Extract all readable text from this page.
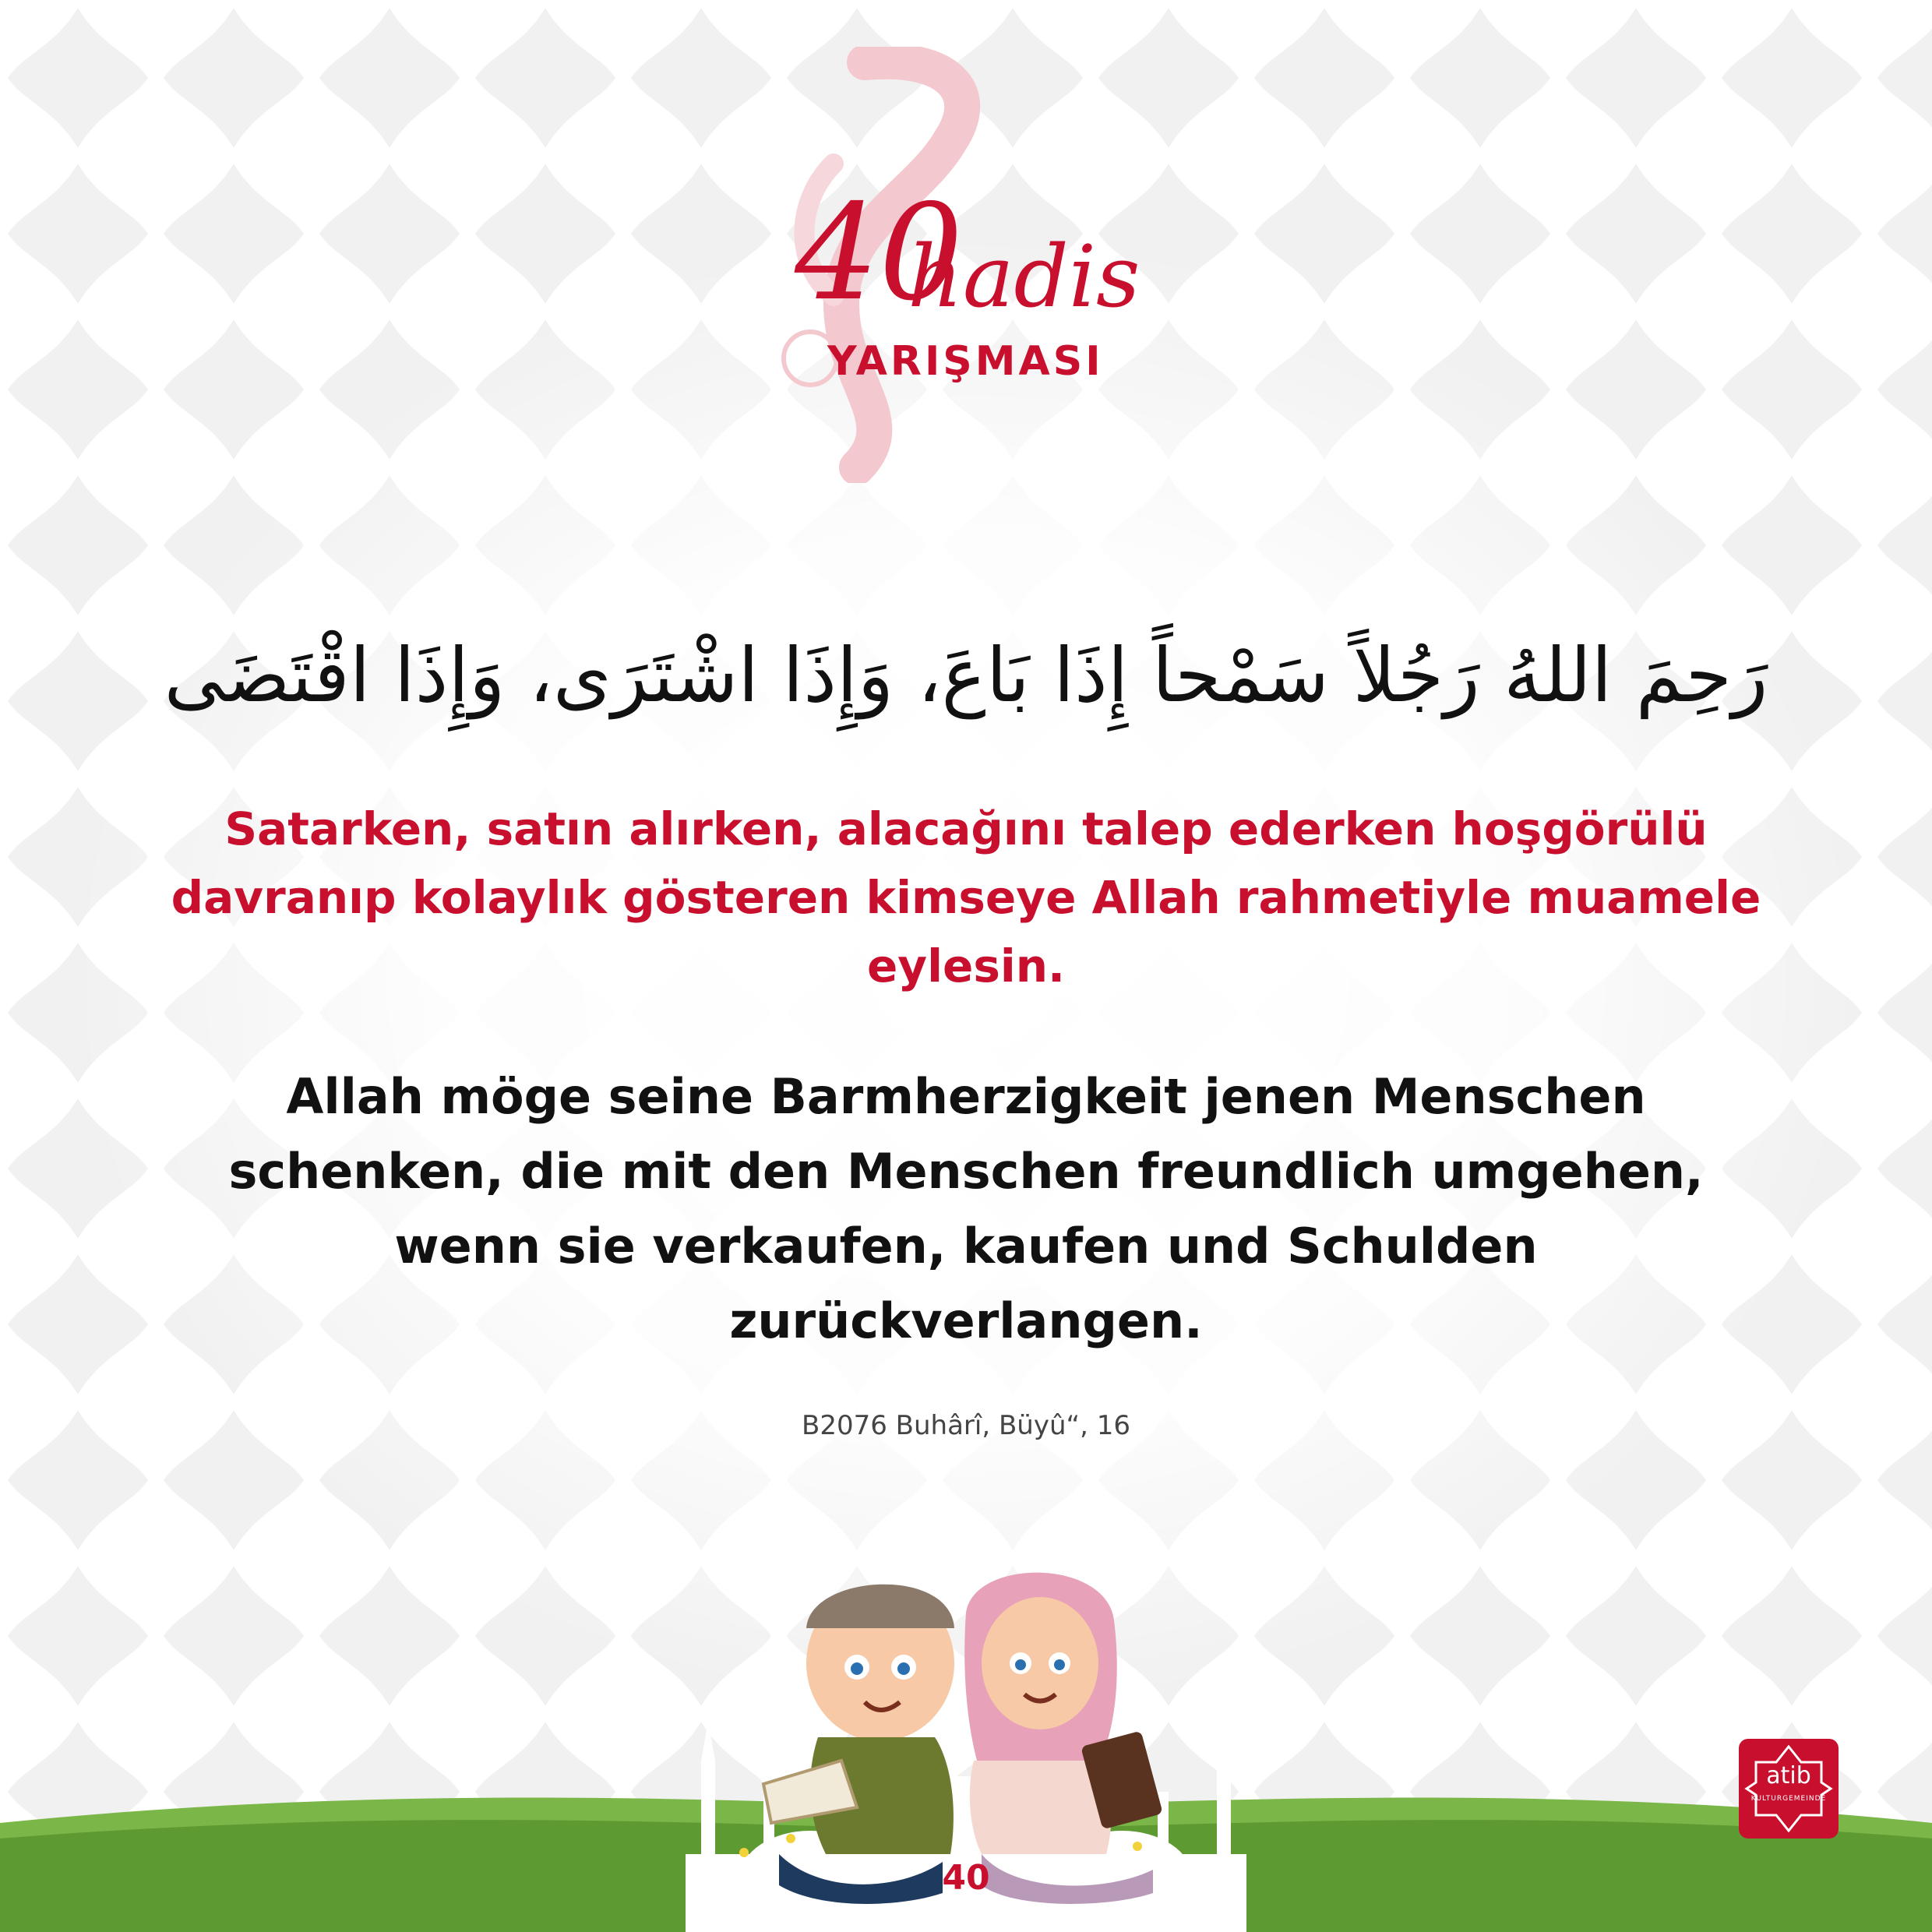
40
hadis
YARIŞMASI
رَحِمَ اللهُ رَجُلاً سَمْحاً إِذَا بَاعَ، وَإِذَا اشْتَرَى، وَإِذَا اقْتَضَى
Satarken, satın alırken, alacağını talep ederken hoşgörülü davranıp kolaylık gösteren kimseye Allah rahmetiyle muamele eylesin.
Allah möge seine Barmherzigkeit jenen Menschen schenken, die mit den Menschen freundlich umgehen, wenn sie verkaufen, kaufen und Schulden zurückverlangen.
B2076 Buhârî, Büyû“, 16
40
atib
KULTURGEMEINDE
